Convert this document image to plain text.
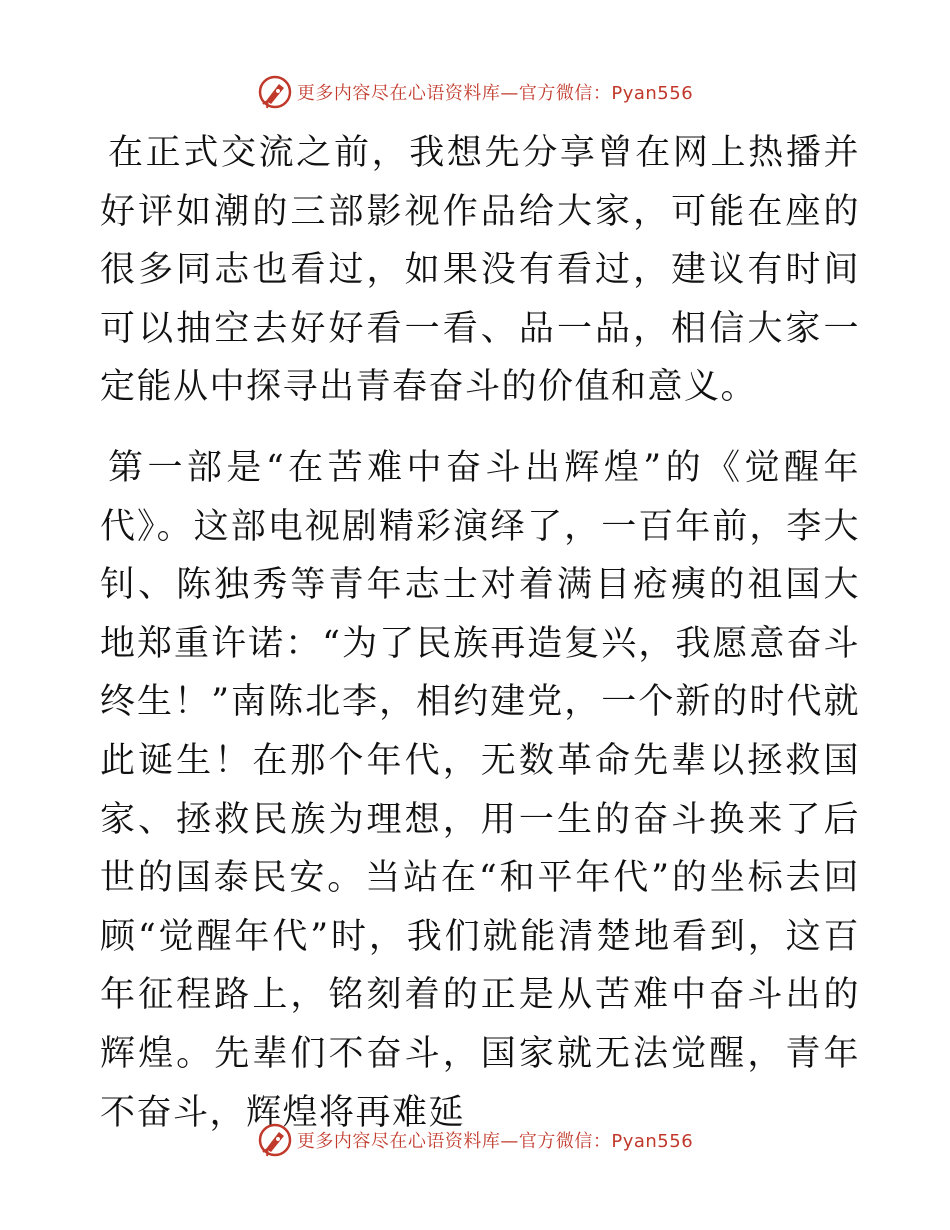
更多内容尽在心语资料库—官方微信：Pyan556

在正式交流之前，我想先分享曾在网上热播并好评如潮的三部影视作品给大家，可能在座的很多同志也看过，如果没有看过，建议有时间可以抽空去好好看一看、品一品，相信大家一定能从中探寻出青春奋斗的价值和意义。

第一部是“在苦难中奋斗出辉煌”的《觉醒年代》。这部电视剧精彩演绎了，一百年前，李大钊、陈独秀等青年志士对着满目疮痍的祖国大地郑重许诺：“为了民族再造复兴，我愿意奋斗终生！”南陈北李，相约建党，一个新的时代就此诞生！在那个年代，无数革命先辈以拯救国家、拯救民族为理想，用一生的奋斗换来了后世的国泰民安。当站在“和平年代”的坐标去回顾“觉醒年代”时，我们就能清楚地看到，这百年征程路上，铭刻着的正是从苦难中奋斗出的辉煌。先辈们不奋斗，国家就无法觉醒，青年不奋斗，辉煌将再难延

更多内容尽在心语资料库—官方微信：Pyan556
